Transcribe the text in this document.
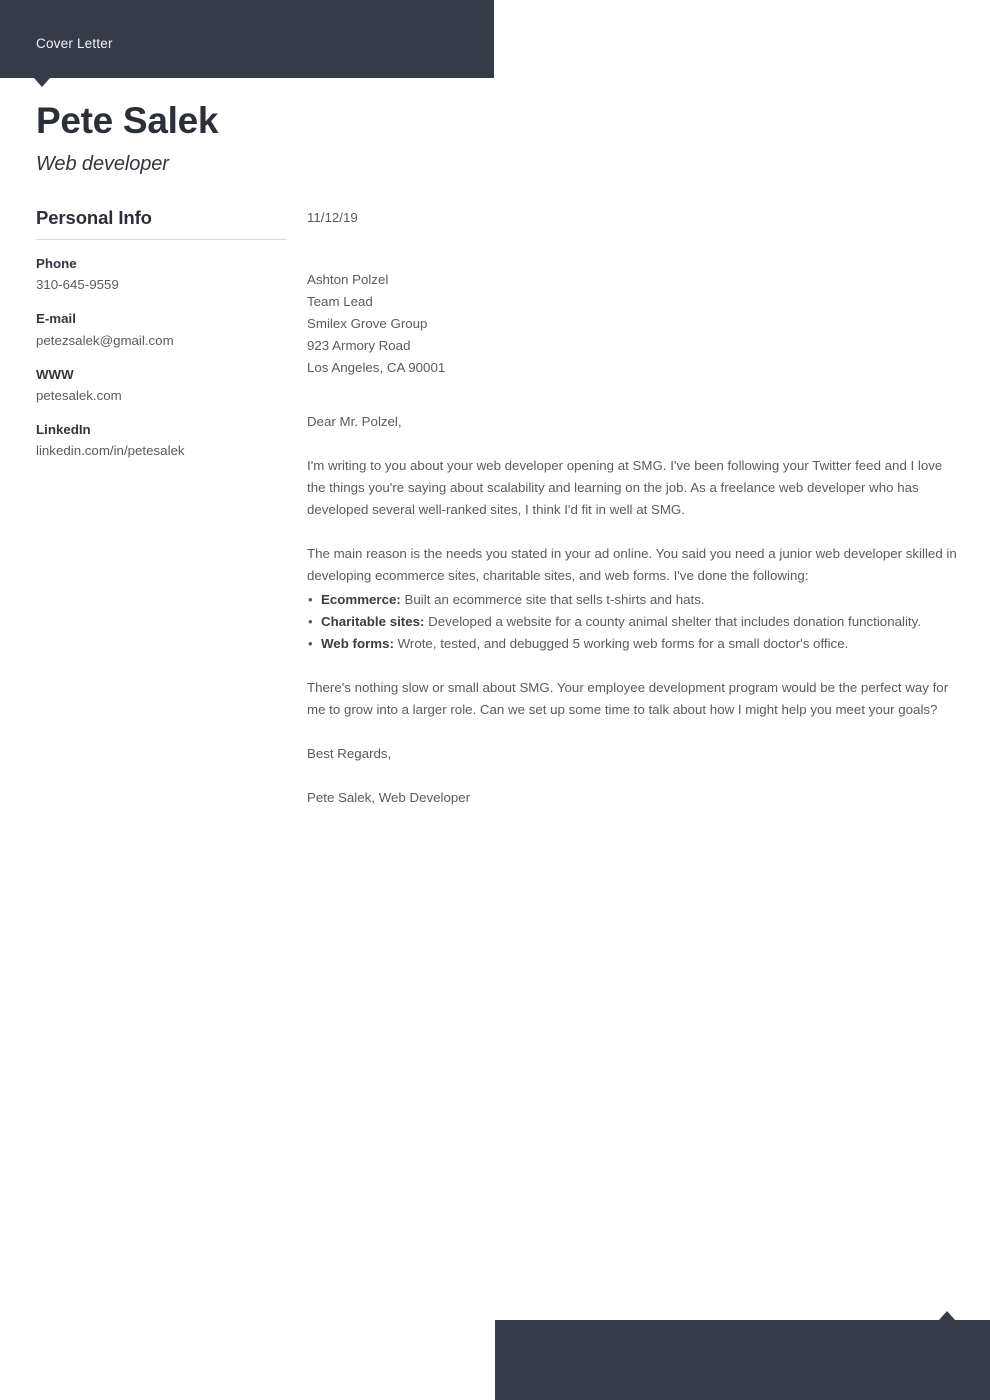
Cover Letter
Pete Salek
Web developer
Personal Info
Phone
310-645-9559
E-mail
petezsalek@gmail.com
WWW
petesalek.com
LinkedIn
linkedin.com/in/petesalek
11/12/19
Ashton Polzel
Team Lead
Smilex Grove Group
923 Armory Road
Los Angeles, CA 90001
Dear Mr. Polzel,

I'm writing to you about your web developer opening at SMG. I've been following your Twitter feed and I love the things you're saying about scalability and learning on the job. As a freelance web developer who has developed several well-ranked sites, I think I'd fit in well at SMG.

The main reason is the needs you stated in your ad online. You said you need a junior web developer skilled in developing ecommerce sites, charitable sites, and web forms. I've done the following:

• Ecommerce: Built an ecommerce site that sells t-shirts and hats.
• Charitable sites: Developed a website for a county animal shelter that includes donation functionality.
• Web forms: Wrote, tested, and debugged 5 working web forms for a small doctor's office.

There's nothing slow or small about SMG. Your employee development program would be the perfect way for me to grow into a larger role. Can we set up some time to talk about how I might help you meet your goals?

Best Regards,
Pete Salek, Web Developer
